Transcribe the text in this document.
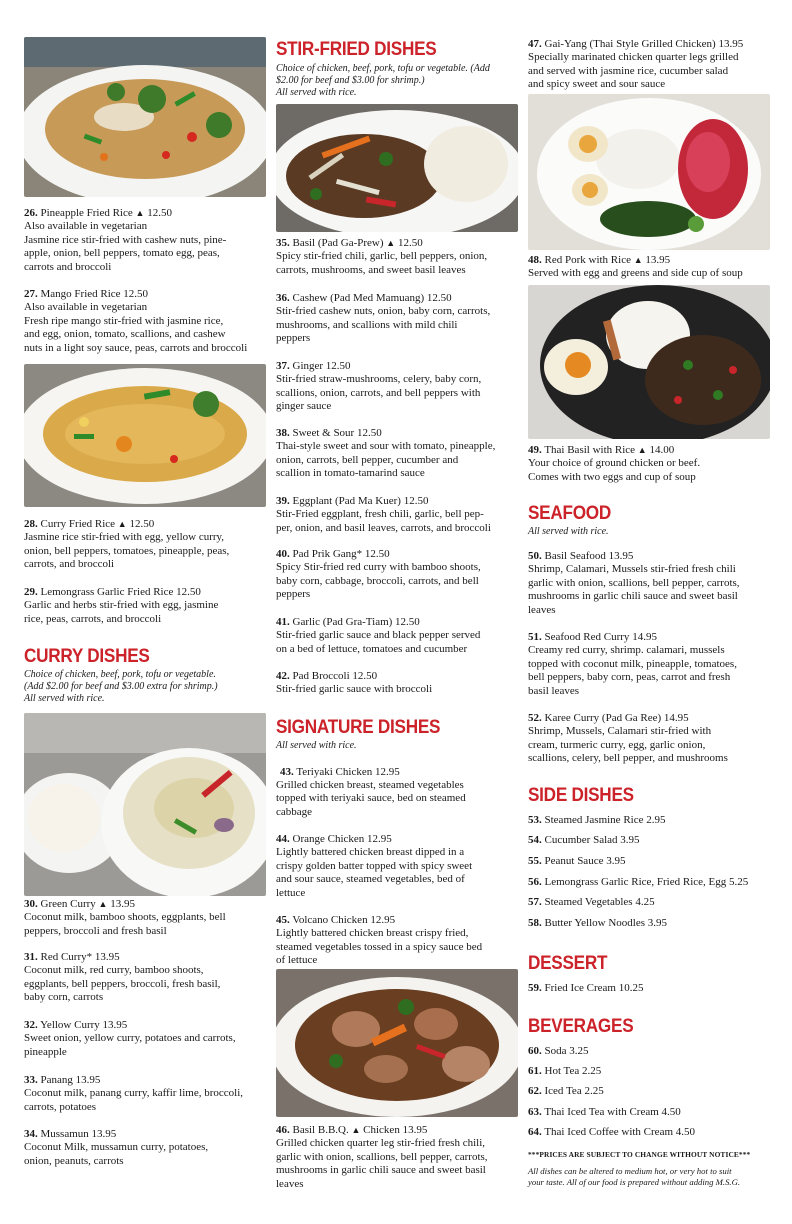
26. Pineapple Fried Rice ▲ 12.50
Also available in vegetarian
Jasmine rice stir-fried with cashew nuts, pine-
apple, onion, bell peppers, tomato egg, peas,
carrots and broccoli
27. Mango Fried Rice 12.50
Also available in vegetarian
Fresh ripe mango stir-fried with jasmine rice,
and egg, onion, tomato, scallions, and cashew
nuts in a light soy sauce, peas, carrots and broccoli
28. Curry Fried Rice ▲ 12.50
Jasmine rice stir-fried with egg, yellow curry,
onion, bell peppers, tomatoes, pineapple, peas,
carrots, and broccoli
29. Lemongrass Garlic Fried Rice 12.50
Garlic and herbs stir-fried with egg, jasmine
rice, peas, carrots, and broccoli
CURRY DISHES
Choice of chicken, beef, pork, tofu or vegetable.
(Add $2.00 for beef and $3.00 extra for shrimp.)
All served with rice.
30. Green Curry ▲ 13.95
Coconut milk, bamboo shoots, eggplants, bell
peppers, broccoli and fresh basil
31. Red Curry* 13.95
Coconut milk, red curry, bamboo shoots,
eggplants, bell peppers, broccoli, fresh basil,
baby corn, carrots
32. Yellow Curry 13.95
Sweet onion, yellow curry, potatoes and carrots,
pineapple
33. Panang 13.95
Coconut milk, panang curry, kaffir lime, broccoli,
carrots, potatoes
34. Mussamun 13.95
Coconut Milk, mussamun curry, potatoes,
onion, peanuts, carrots
STIR-FRIED DISHES
Choice of chicken, beef, pork, tofu or vegetable. (Add
$2.00 for beef and $3.00 for shrimp.)
All served with rice.
35. Basil (Pad Ga-Prew) ▲ 12.50
Spicy stir-fried chili, garlic, bell peppers, onion,
carrots, mushrooms, and sweet basil leaves
36. Cashew (Pad Med Mamuang) 12.50
Stir-fried cashew nuts, onion, baby corn, carrots,
mushrooms, and scallions with mild chili
peppers
37. Ginger 12.50
Stir-fried straw-mushrooms, celery, baby corn,
scallions, onion, carrots, and bell peppers with
ginger sauce
38. Sweet & Sour 12.50
Thai-style sweet and sour with tomato, pineapple,
onion, carrots, bell pepper, cucumber and
scallion in tomato-tamarind sauce
39. Eggplant (Pad Ma Kuer) 12.50
Stir-Fried eggplant, fresh chili, garlic, bell pep-
per, onion, and basil leaves, carrots, and broccoli
40. Pad Prik Gang* 12.50
Spicy Stir-fried red curry with bamboo shoots,
baby corn, cabbage, broccoli, carrots, and bell
peppers
41. Garlic (Pad Gra-Tiam) 12.50
Stir-fried garlic sauce and black pepper served
on a bed of lettuce, tomatoes and cucumber
42. Pad Broccoli 12.50
Stir-fried garlic sauce with broccoli
SIGNATURE DISHES
All served with rice.
43. Teriyaki Chicken 12.95
Grilled chicken breast, steamed vegetables
topped with teriyaki sauce, bed on steamed
cabbage
44. Orange Chicken 12.95
Lightly battered chicken breast dipped in a
crispy golden batter topped with spicy sweet
and sour sauce, steamed vegetables, bed of
lettuce
45. Volcano Chicken 12.95
Lightly battered chicken breast crispy fried,
steamed vegetables tossed in a spicy sauce bed
of lettuce
46. Basil B.B.Q. ▲ Chicken 13.95
Grilled chicken quarter leg stir-fried fresh chili,
garlic with onion, scallions, bell pepper, carrots,
mushrooms in garlic chili sauce and sweet basil
leaves
47. Gai-Yang (Thai Style Grilled Chicken) 13.95
Specially marinated chicken quarter legs grilled
and served with jasmine rice, cucumber salad
and spicy sweet and sour sauce
48. Red Pork with Rice ▲ 13.95
Served with egg and greens and side cup of soup
49. Thai Basil with Rice ▲ 14.00
Your choice of ground chicken or beef.
Comes with two eggs and cup of soup
SEAFOOD
All served with rice.
50. Basil Seafood 13.95
Shrimp, Calamari, Mussels stir-fried fresh chili
garlic with onion, scallions, bell pepper, carrots,
mushrooms in garlic chili sauce and sweet basil
leaves
51. Seafood Red Curry 14.95
Creamy red curry, shrimp. calamari, mussels
topped with coconut milk, pineapple, tomatoes,
bell peppers, baby corn, peas, carrot and fresh
basil leaves
52. Karee Curry (Pad Ga Ree) 14.95
Shrimp, Mussels, Calamari stir-fried with
cream, turmeric curry, egg, garlic onion,
scallions, celery, bell pepper, and mushrooms
SIDE DISHES
53. Steamed Jasmine Rice 2.95
54. Cucumber Salad 3.95
55. Peanut Sauce 3.95
56. Lemongrass Garlic Rice, Fried Rice, Egg 5.25
57. Steamed Vegetables 4.25
58. Butter Yellow Noodles 3.95
DESSERT
59. Fried Ice Cream 10.25
BEVERAGES
60. Soda 3.25
61. Hot Tea 2.25
62. Iced Tea 2.25
63. Thai Iced Tea with Cream 4.50
64. Thai Iced Coffee with Cream 4.50
***PRICES ARE SUBJECT TO CHANGE WITHOUT NOTICE***
All dishes can be altered to medium hot, or very hot to suit
your taste. All of our food is prepared without adding M.S.G.
